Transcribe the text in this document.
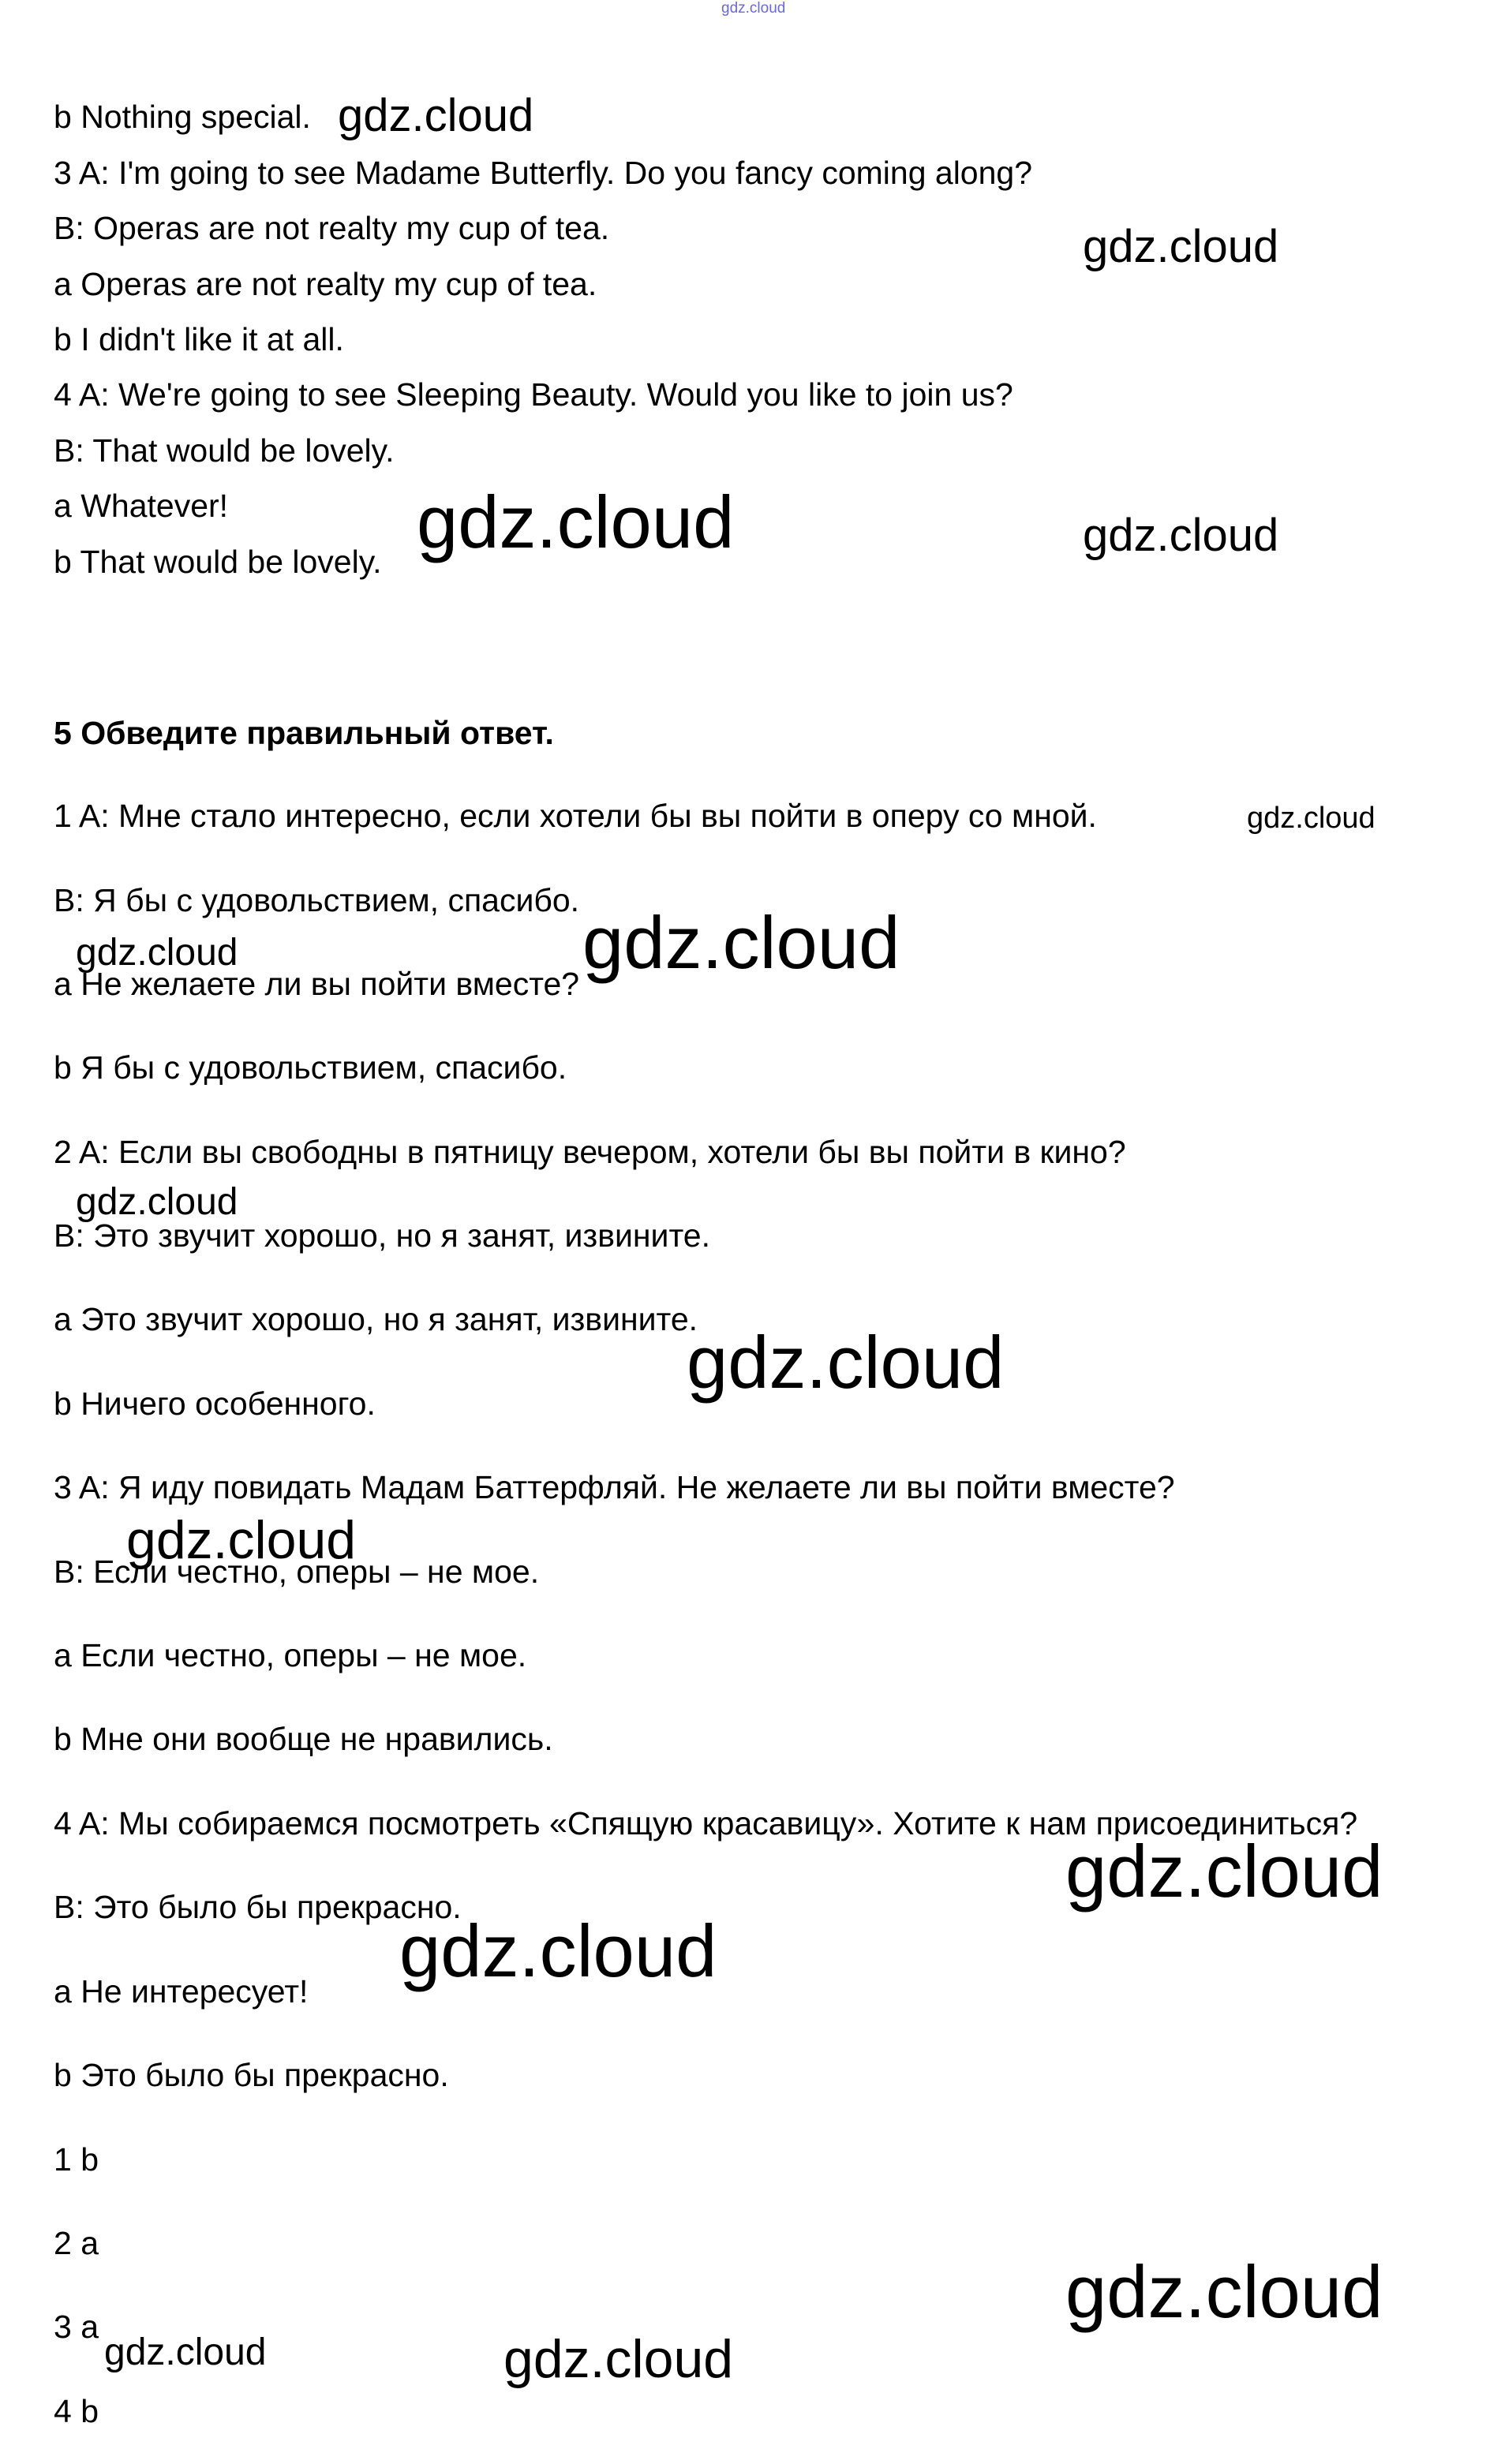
gdz.cloud
b Nothing special.
3 A: I'm going to see Madame Butterfly. Do you fancy coming along?
B: Operas are not realty my cup of tea.
a Operas are not realty my cup of tea.
b I didn't like it at all.
4 A: We're going to see Sleeping Beauty. Would you like to join us?
B: That would be lovely.
a Whatever!
b That would be lovely.
5 Обведите правильный ответ.
1 A: Мне стало интересно, если хотели бы вы пойти в оперу со мной.
B: Я бы с удовольствием, спасибо.
a Не желаете ли вы пойти вместе?
b Я бы с удовольствием, спасибо.
2 A: Если вы свободны в пятницу вечером, хотели бы вы пойти в кино?
B: Это звучит хорошо, но я занят, извините.
a Это звучит хорошо, но я занят, извините.
b Ничего особенного.
3 A: Я иду повидать Мадам Баттерфляй. Не желаете ли вы пойти вместе?
B: Если честно, оперы – не мое.
a Если честно, оперы – не мое.
b Мне они вообще не нравились.
4 A: Мы собираемся посмотреть «Спящую красавицу». Хотите к нам присоединиться?
B: Это было бы прекрасно.
a Не интересует!
b Это было бы прекрасно.
1 b
2 a
3 a
4 b
gdz.cloud
gdz.cloud
gdz.cloud	gdz.cloud
gdz.cloud
gdz.cloud	gdz.cloud
gdz.cloud
gdz.cloud
gdz.cloud
gdz.cloud
gdz.cloud
gdz.cloud
gdz.cloud	gdz.cloud
